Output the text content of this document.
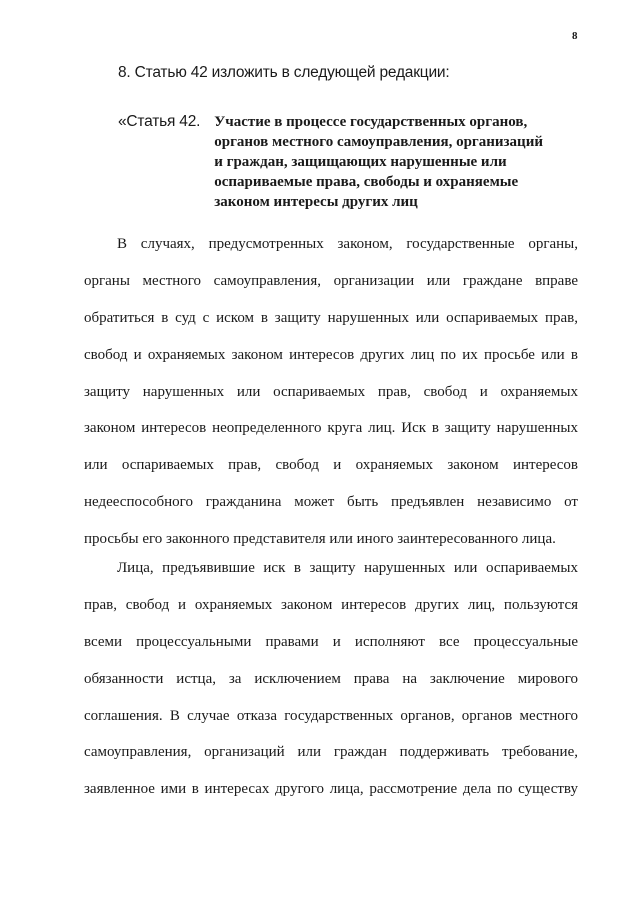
8
8. Статью 42 изложить в следующей редакции:
«Статья 42. Участие в процессе государственных органов,
органов местного самоуправления, организаций
и граждан, защищающих нарушенные или
оспариваемые права, свободы и охраняемые
законом интересы других лиц
В случаях, предусмотренных законом, государственные органы,
органы местного самоуправления, организации или граждане вправе
обратиться в суд с иском в защиту нарушенных или оспариваемых прав,
свобод и охраняемых законом интересов других лиц по их просьбе или в
защиту нарушенных или оспариваемых прав, свобод и охраняемых
законом интересов неопределенного круга лиц. Иск в защиту нарушенных
или оспариваемых прав, свобод и охраняемых законом интересов
недееспособного гражданина может быть предъявлен независимо от
просьбы его законного представителя или иного заинтересованного лица.
Лица, предъявившие иск в защиту нарушенных или оспариваемых
прав, свобод и охраняемых законом интересов других лиц, пользуются
всеми процессуальными правами и исполняют все процессуальные
обязанности истца, за исключением права на заключение мирового
соглашения. В случае отказа государственных органов, органов местного
самоуправления, организаций или граждан поддерживать требование,
заявленное ими в интересах другого лица, рассмотрение дела по существу
